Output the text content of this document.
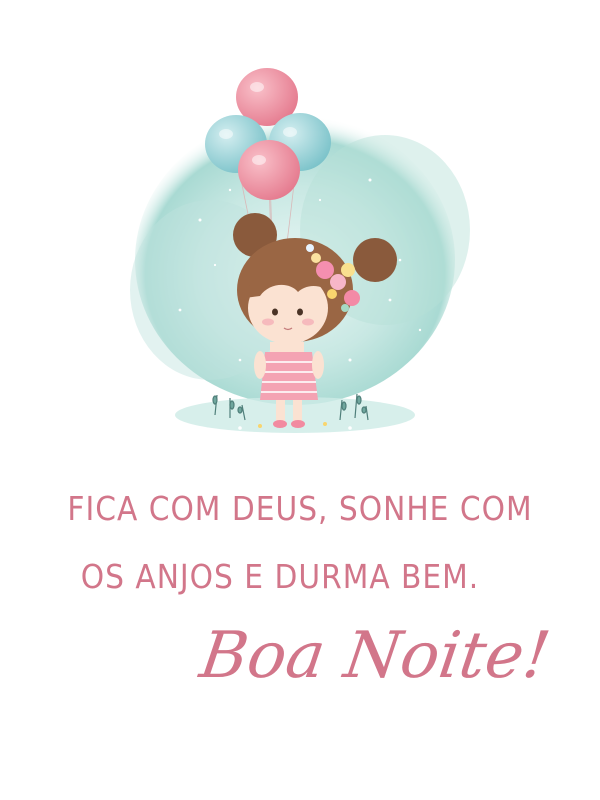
FICA COM DEUS, SONHE COM

OS ANJOS E DURMA BEM.

Boa Noite!
